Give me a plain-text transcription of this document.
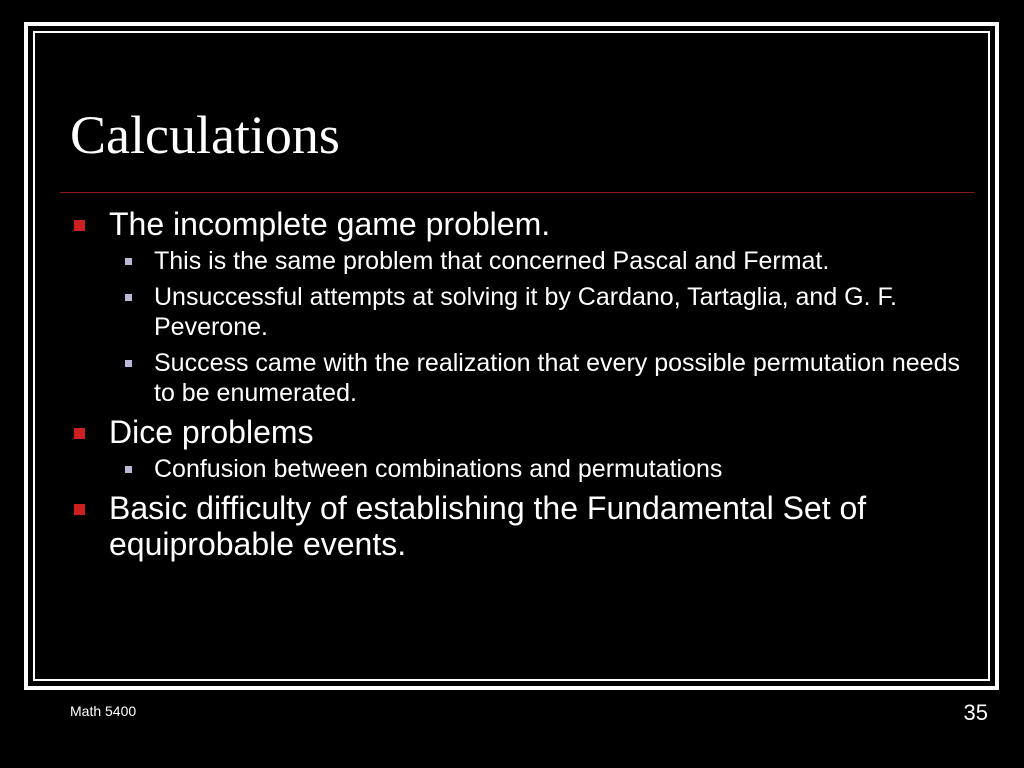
Calculations
The incomplete game problem.
This is the same problem that concerned Pascal and Fermat.
Unsuccessful attempts at solving it by Cardano, Tartaglia, and G. F. Peverone.
Success came with the realization that every possible permutation needs to be enumerated.
Dice problems
Confusion between combinations and permutations
Basic difficulty of establishing the Fundamental Set of equiprobable events.
Math 5400	35
